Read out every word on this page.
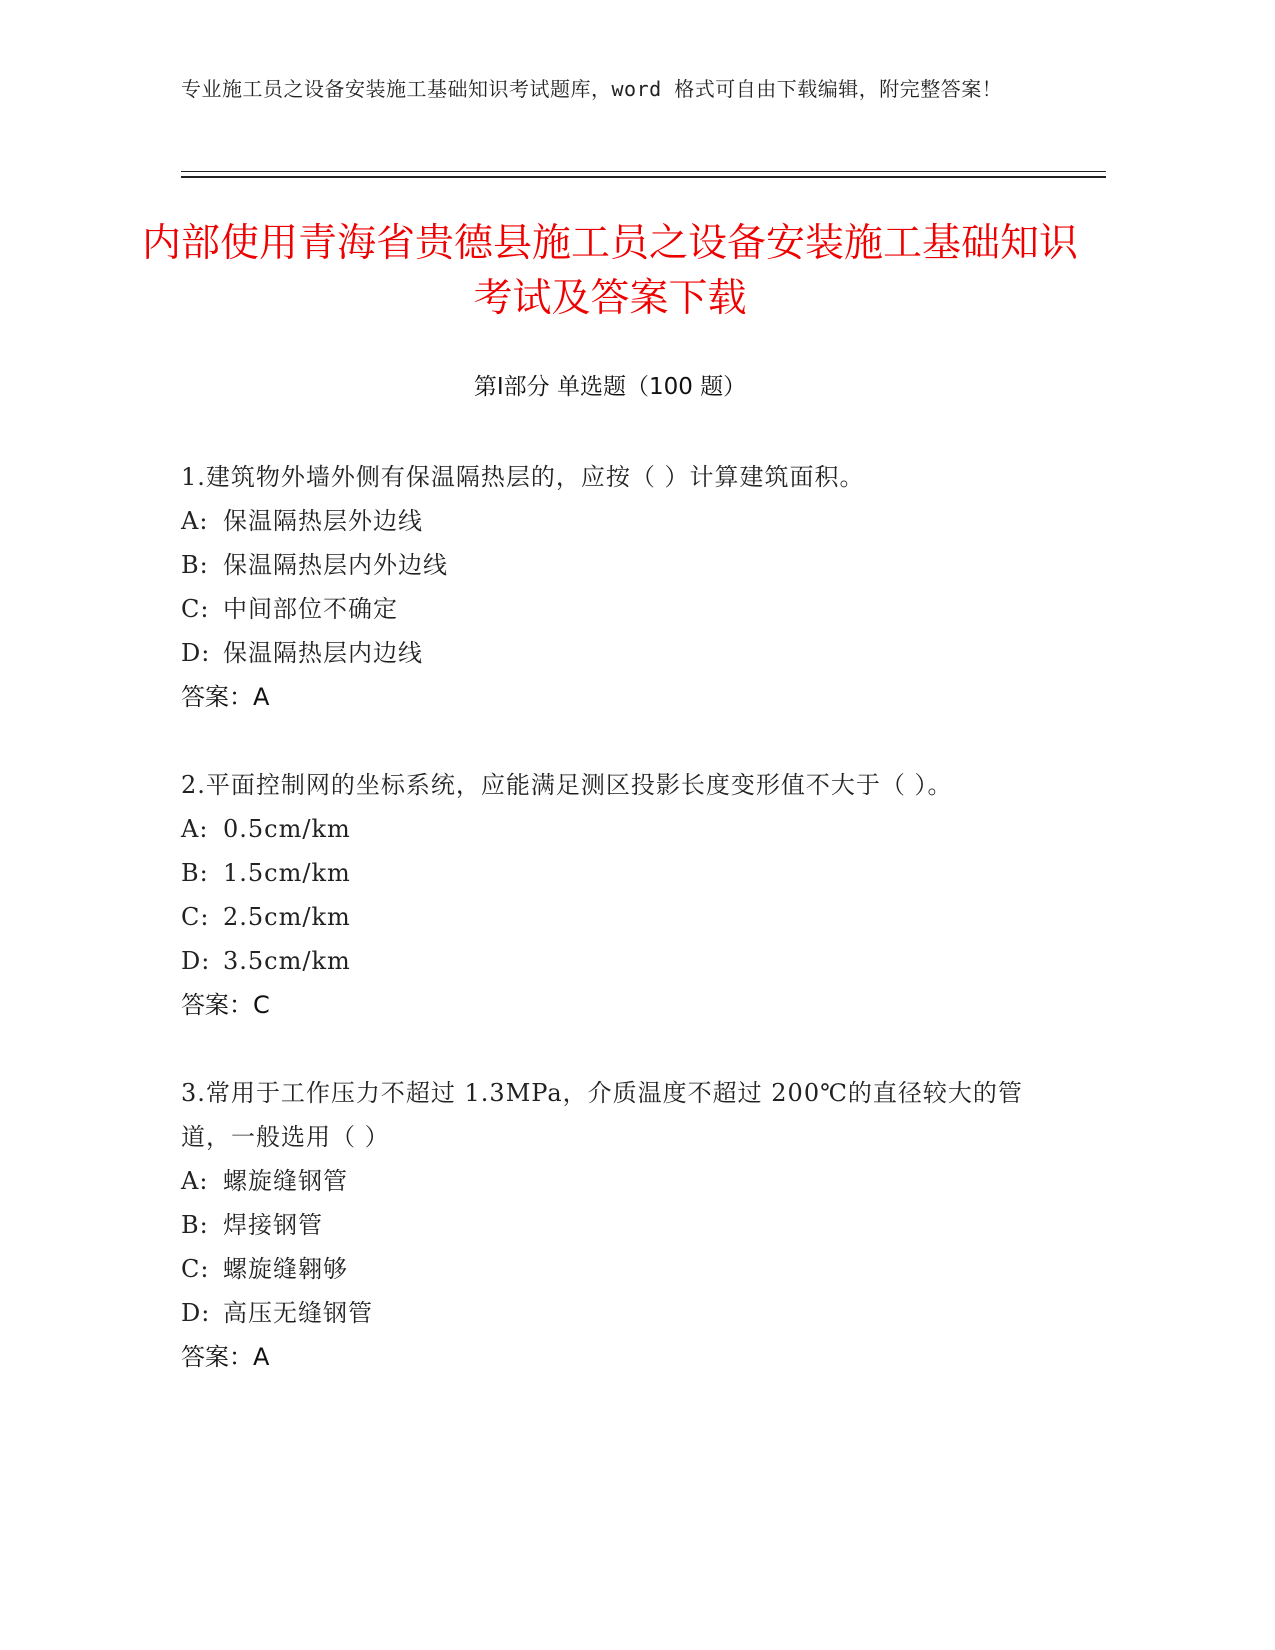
专业施工员之设备安装施工基础知识考试题库，word 格式可自由下载编辑，附完整答案！
内部使用青海省贵德县施工员之设备安装施工基础知识考试及答案下载
第Ⅰ部分 单选题（100 题）
1.建筑物外墙外侧有保温隔热层的，应按（ ）计算建筑面积。
A: 保温隔热层外边线
B: 保温隔热层内外边线
C: 中间部位不确定
D: 保温隔热层内边线
答案：A
2.平面控制网的坐标系统，应能满足测区投影长度变形值不大于（ ）。
A: 0.5cm/km
B: 1.5cm/km
C: 2.5cm/km
D: 3.5cm/km
答案：C
3.常用于工作压力不超过 1.3MPa，介质温度不超过 200℃的直径较大的管道，一般选用（ ）
A: 螺旋缝钢管
B: 焊接钢管
C: 螺旋缝翱够
D: 高压无缝钢管
答案：A
